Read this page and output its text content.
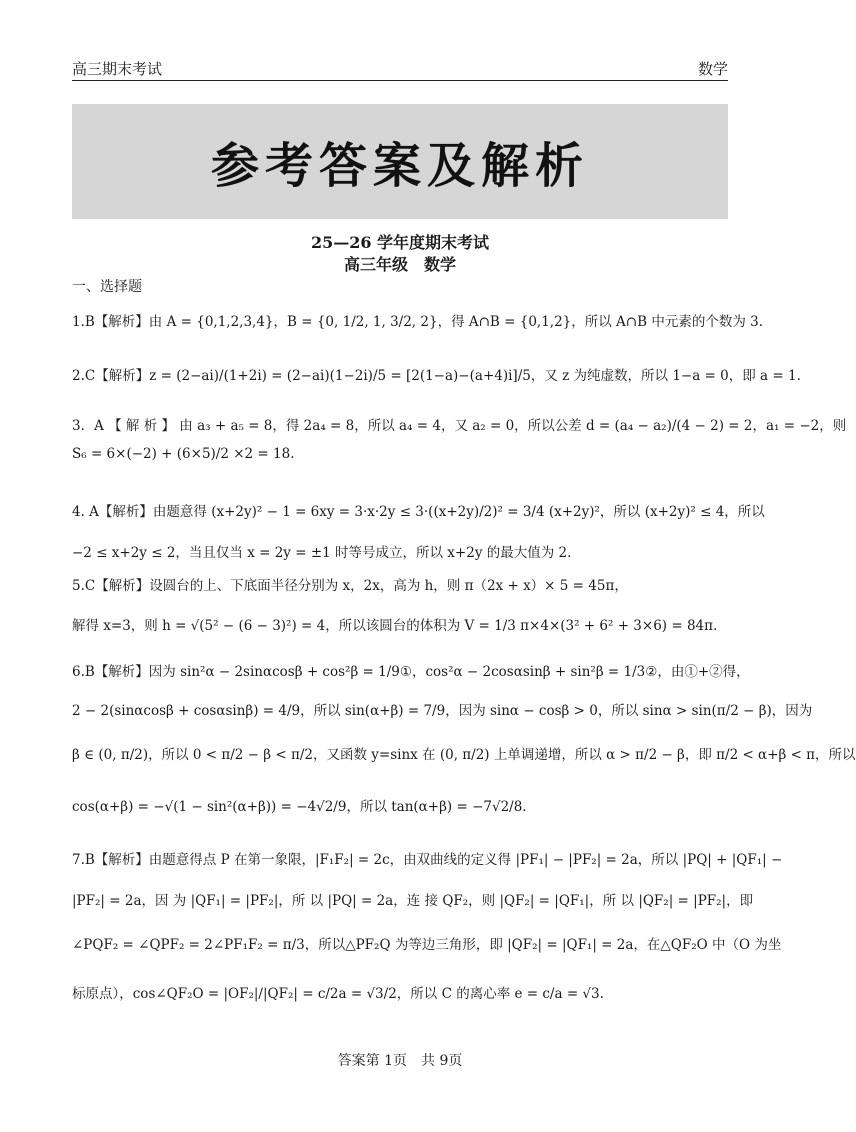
高三期末考试	数学
参考答案及解析
25—26 学年度期末考试
高三年级　数学
一、选择题
1.B【解析】由 A = {0,1,2,3,4}，B = {0, 1/2, 1, 3/2, 2}，得 A∩B = {0,1,2}，所以 A∩B 中元素的个数为 3.
2.C【解析】z = (2−ai)/(1+2i) = (2−ai)(1−2i)/5 = [2(1−a)−(a+4)i]/5，又 z 为纯虚数，所以 1−a = 0，即 a = 1.
3．A 【 解 析 】 由 a₃ + a₅ = 8，得 2a₄ = 8，所以 a₄ = 4，又 a₂ = 0，所以公差 d = (a₄ − a₂)/(4 − 2) = 2，a₁ = −2，则
S₆ = 6×(−2) + (6×5)/2 ×2 = 18.
4. A【解析】由题意得 (x+2y)² − 1 = 6xy = 3·x·2y ≤ 3·((x+2y)/2)² = 3/4 (x+2y)²，所以 (x+2y)² ≤ 4，所以
−2 ≤ x+2y ≤ 2，当且仅当 x = 2y = ±1 时等号成立，所以 x+2y 的最大值为 2.
5.C【解析】设圆台的上、下底面半径分别为 x，2x，高为 h，则 π（2x + x）× 5 = 45π，
解得 x=3，则 h = √(5² − (6 − 3)²) = 4，所以该圆台的体积为 V = 1/3 π×4×(3² + 6² + 3×6) = 84π.
6.B【解析】因为 sin²α − 2sinαcosβ + cos²β = 1/9①，cos²α − 2cosαsinβ + sin²β = 1/3②，由①+②得，
2 − 2(sinαcosβ + cosαsinβ) = 4/9，所以 sin(α+β) = 7/9，因为 sinα − cosβ > 0，所以 sinα > sin(π/2 − β)，因为
β ∈ (0, π/2)，所以 0 < π/2 − β < π/2，又函数 y=sinx 在 (0, π/2) 上单调递增，所以 α > π/2 − β，即 π/2 < α+β < π，所以
cos(α+β) = −√(1 − sin²(α+β)) = −4√2/9，所以 tan(α+β) = −7√2/8.
7.B【解析】由题意得点 P 在第一象限，|F₁F₂| = 2c，由双曲线的定义得 |PF₁| − |PF₂| = 2a，所以 |PQ| + |QF₁| −
|PF₂| = 2a，因 为 |QF₁| = |PF₂|，所 以 |PQ| = 2a，连 接 QF₂，则 |QF₂| = |QF₁|，所 以 |QF₂| = |PF₂|，即
∠PQF₂ = ∠QPF₂ = 2∠PF₁F₂ = π/3，所以△PF₂Q 为等边三角形，即 |QF₂| = |QF₁| = 2a，在△QF₂O 中（O 为坐
标原点），cos∠QF₂O = |OF₂|/|QF₂| = c/2a = √3/2，所以 C 的离心率 e = c/a = √3.
答案第 1页　共 9页
